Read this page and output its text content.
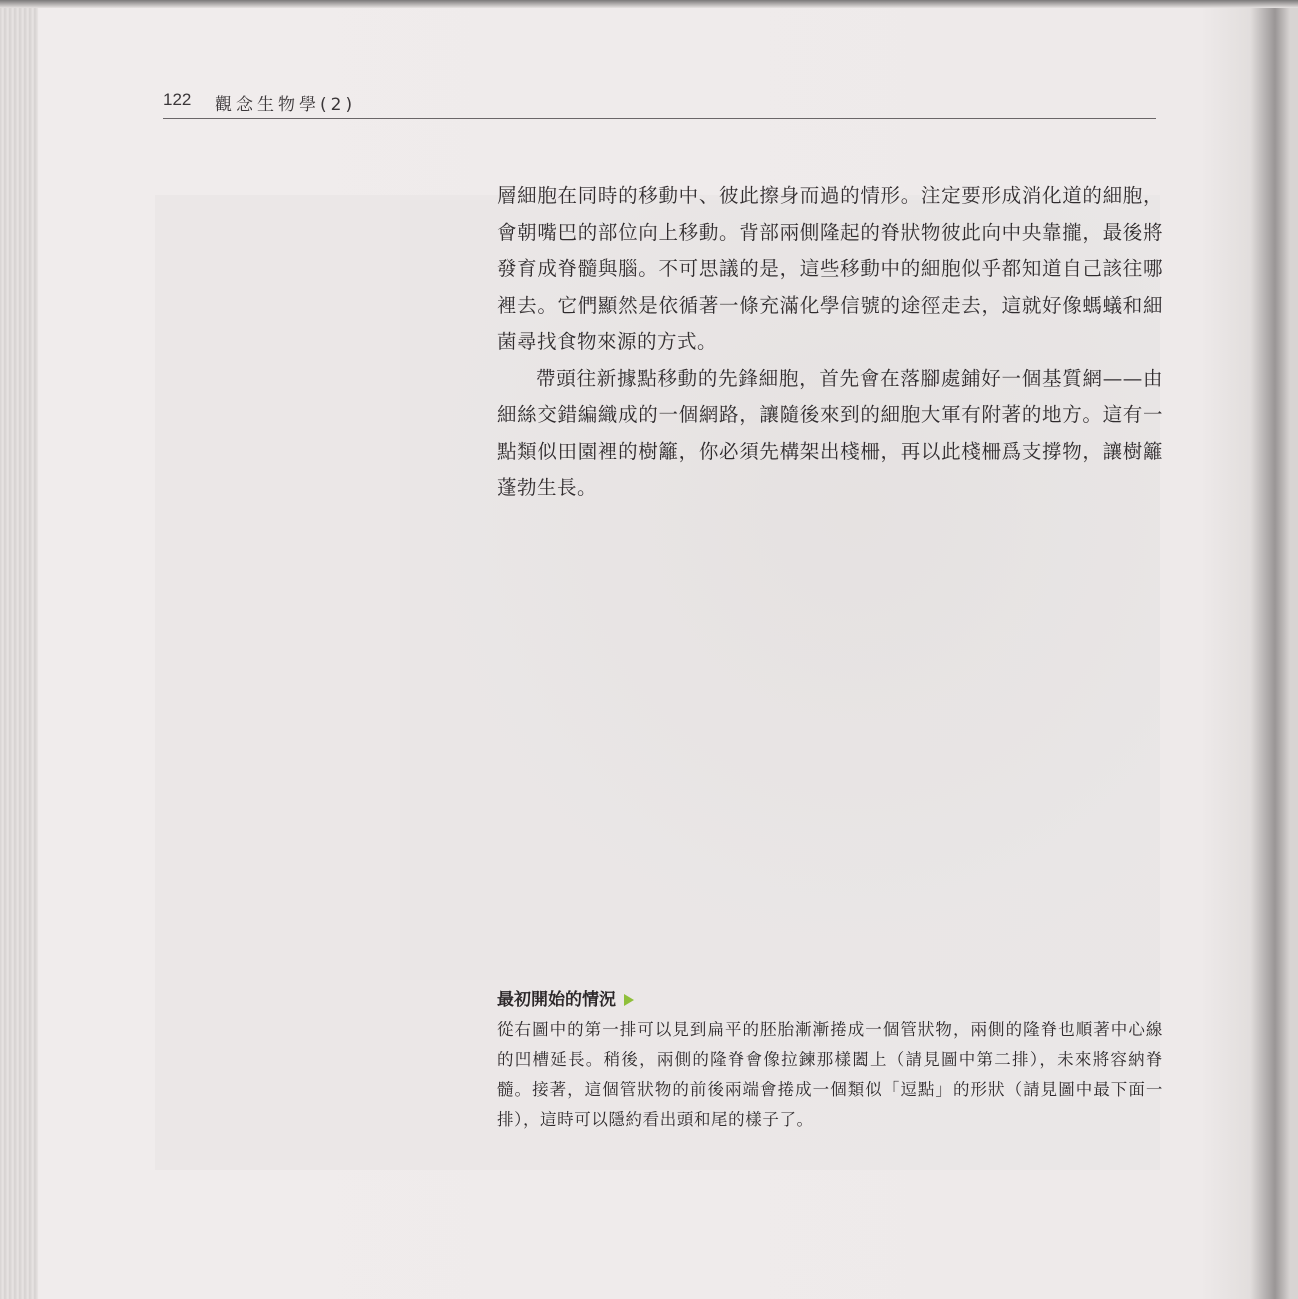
122 觀念生物學(2)

層細胞在同時的移動中、彼此擦身而過的情形。注定要形成消化道的細胞，會朝嘴巴的部位向上移動。背部兩側隆起的脊狀物彼此向中央靠攏，最後將發育成脊髓與腦。不可思議的是，這些移動中的細胞似乎都知道自己該往哪裡去。它們顯然是依循著一條充滿化學信號的途徑走去，這就好像螞蟻和細菌尋找食物來源的方式。

帶頭往新據點移動的先鋒細胞，首先會在落腳處鋪好一個基質網——由細絲交錯編織成的一個網路，讓隨後來到的細胞大軍有附著的地方。這有一點類似田園裡的樹籬，你必須先構架出棧柵，再以此棧柵爲支撐物，讓樹籬蓬勃生長。

最初開始的情況

從右圖中的第一排可以見到扁平的胚胎漸漸捲成一個管狀物，兩側的隆脊也順著中心線的凹槽延長。稍後，兩側的隆脊會像拉鍊那樣闔上（請見圖中第二排），未來將容納脊髓。接著，這個管狀物的前後兩端會捲成一個類似「逗點」的形狀（請見圖中最下面一排），這時可以隱約看出頭和尾的樣子了。
